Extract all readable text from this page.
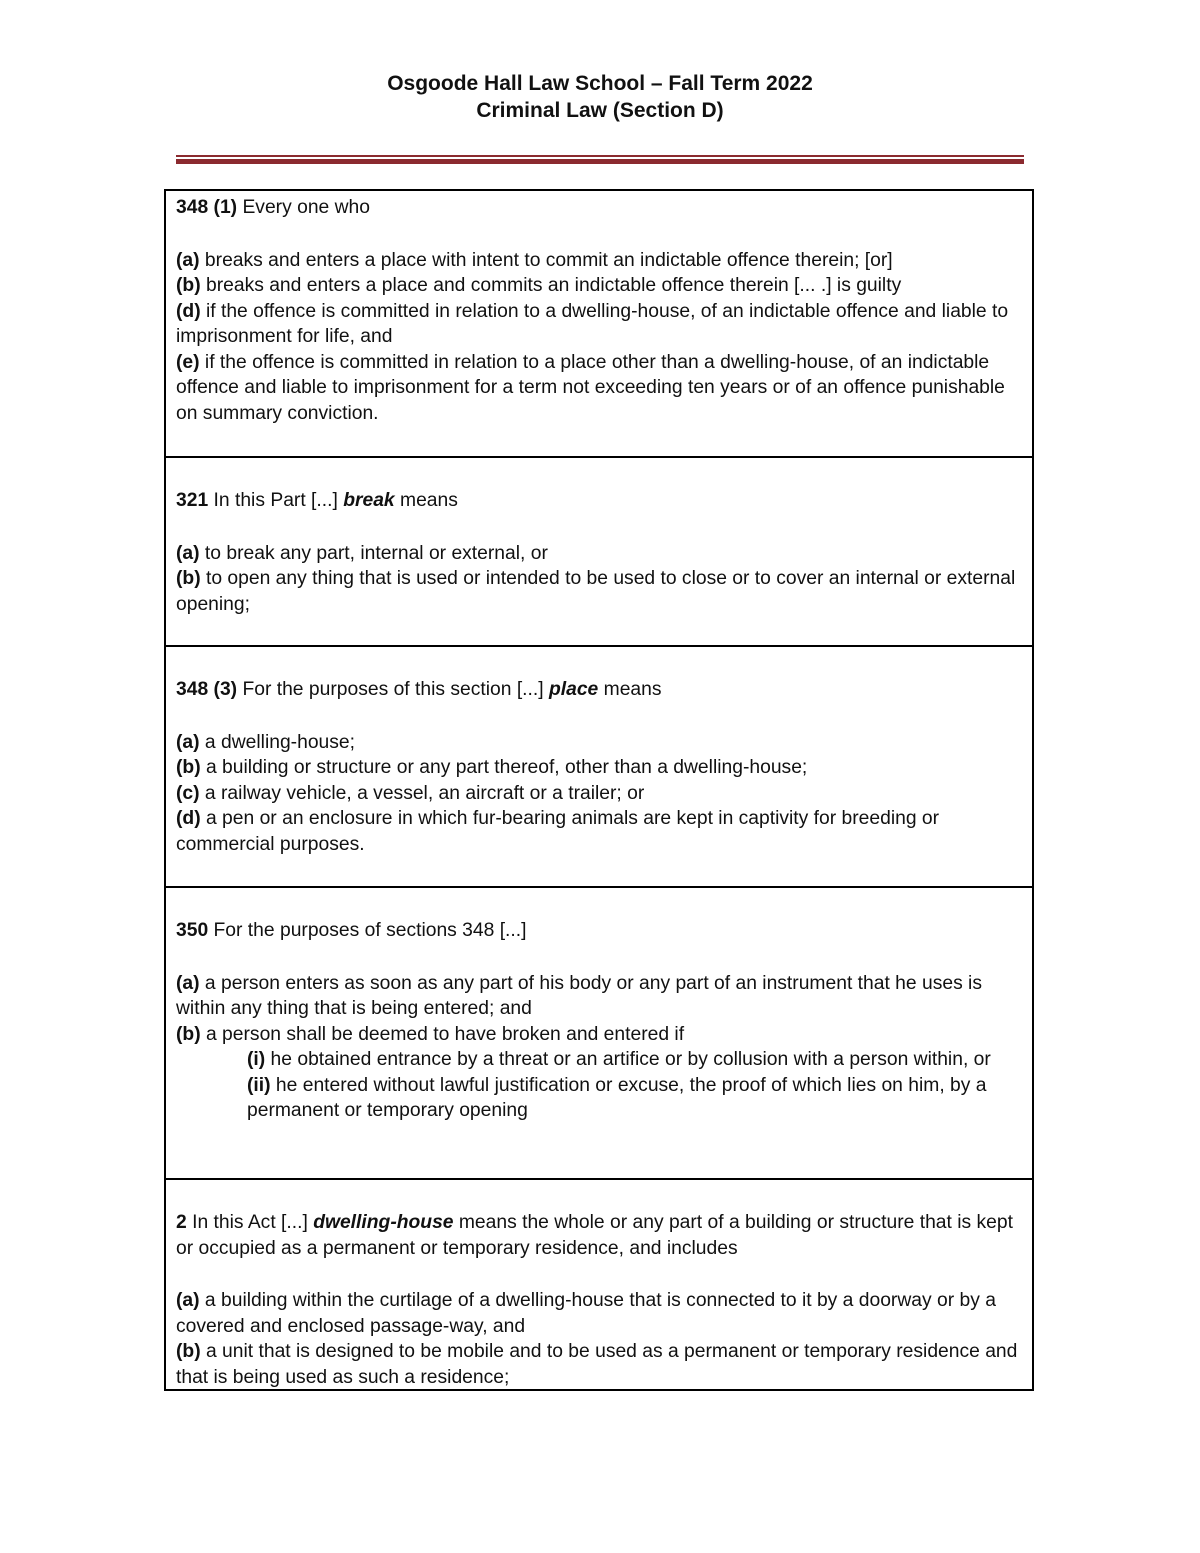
Osgoode Hall Law School – Fall Term 2022
Criminal Law (Section D)

348 (1) Every one who

(a) breaks and enters a place with intent to commit an indictable offence therein; [or]

(b) breaks and enters a place and commits an indictable offence therein [... .] is guilty

(d) if the offence is committed in relation to a dwelling-house, of an indictable offence and liable to imprisonment for life, and

(e) if the offence is committed in relation to a place other than a dwelling-house, of an indictable offence and liable to imprisonment for a term not exceeding ten years or of an offence punishable on summary conviction.

321 In this Part [...] break means

(a) to break any part, internal or external, or

(b) to open any thing that is used or intended to be used to close or to cover an internal or external opening;

348 (3) For the purposes of this section [...] place means

(a) a dwelling-house;

(b) a building or structure or any part thereof, other than a dwelling-house;

(c) a railway vehicle, a vessel, an aircraft or a trailer; or

(d) a pen or an enclosure in which fur-bearing animals are kept in captivity for breeding or commercial purposes.

350 For the purposes of sections 348 [...]

(a) a person enters as soon as any part of his body or any part of an instrument that he uses is within any thing that is being entered; and

(b) a person shall be deemed to have broken and entered if

(i) he obtained entrance by a threat or an artifice or by collusion with a person within, or

(ii) he entered without lawful justification or excuse, the proof of which lies on him, by a permanent or temporary opening

2 In this Act [...] dwelling-house means the whole or any part of a building or structure that is kept or occupied as a permanent or temporary residence, and includes

(a) a building within the curtilage of a dwelling-house that is connected to it by a doorway or by a covered and enclosed passage-way, and

(b) a unit that is designed to be mobile and to be used as a permanent or temporary residence and that is being used as such a residence;
